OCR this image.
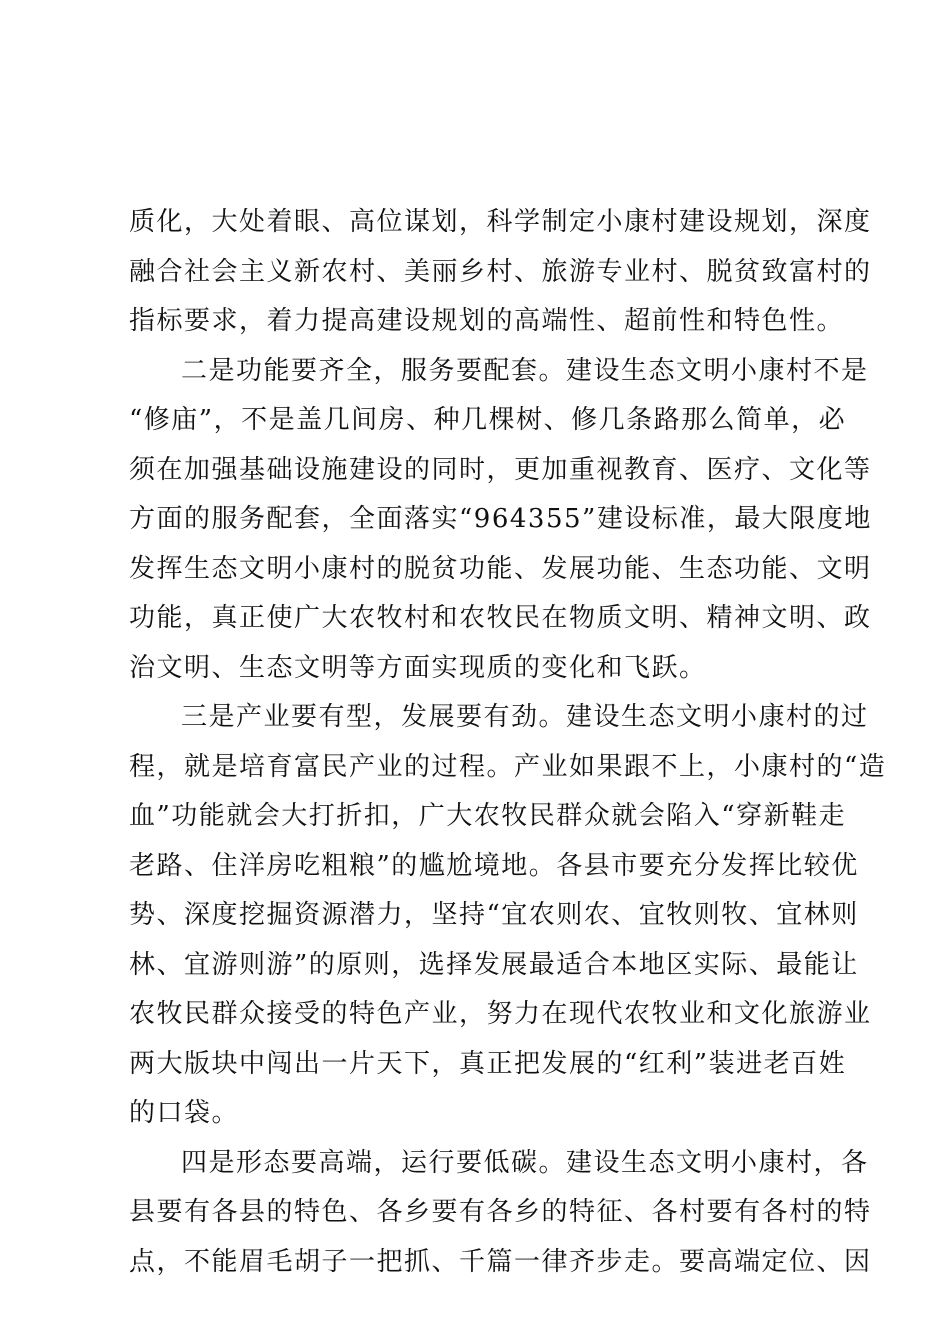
质化，大处着眼、高位谋划，科学制定小康村建设规划，深度
融合社会主义新农村、美丽乡村、旅游专业村、脱贫致富村的
指标要求，着力提高建设规划的高端性、超前性和特色性。
二是功能要齐全，服务要配套。建设生态文明小康村不是
“修庙”，不是盖几间房、种几棵树、修几条路那么简单，必
须在加强基础设施建设的同时，更加重视教育、医疗、文化等
方面的服务配套，全面落实“964355”建设标准，最大限度地
发挥生态文明小康村的脱贫功能、发展功能、生态功能、文明
功能，真正使广大农牧村和农牧民在物质文明、精神文明、政
治文明、生态文明等方面实现质的变化和飞跃。
三是产业要有型，发展要有劲。建设生态文明小康村的过
程，就是培育富民产业的过程。产业如果跟不上，小康村的“造
血”功能就会大打折扣，广大农牧民群众就会陷入“穿新鞋走
老路、住洋房吃粗粮”的尴尬境地。各县市要充分发挥比较优
势、深度挖掘资源潜力，坚持“宜农则农、宜牧则牧、宜林则
林、宜游则游”的原则，选择发展最适合本地区实际、最能让
农牧民群众接受的特色产业，努力在现代农牧业和文化旅游业
两大版块中闯出一片天下，真正把发展的“红利”装进老百姓
的口袋。
四是形态要高端，运行要低碳。建设生态文明小康村，各
县要有各县的特色、各乡要有各乡的特征、各村要有各村的特
点，不能眉毛胡子一把抓、千篇一律齐步走。要高端定位、因
